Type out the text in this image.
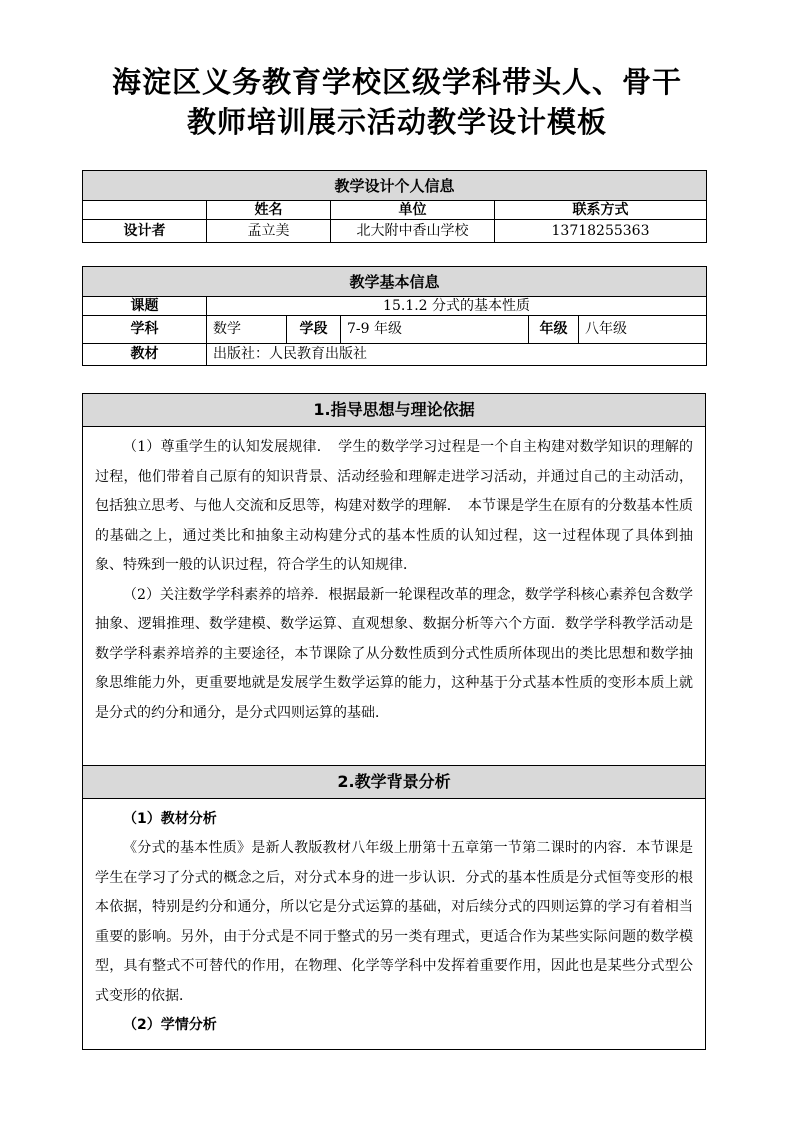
海淀区义务教育学校区级学科带头人、骨干
教师培训展示活动教学设计模板
教学设计个人信息			
	姓名	单位	联系方式
设计者	孟立美	北大附中香山学校	13718255363
教学基本信息					
课题	15.1.2 分式的基本性质				
学科	数学	学段	7-9 年级	年级	八年级
教材	出版社：人民教育出版社				
1.指导思想与理论依据

（1）尊重学生的认知发展规律．　学生的数学学习过程是一个自主构建对数学知识的理解的过程，他们带着自己原有的知识背景、活动经验和理解走进学习活动，并通过自己的主动活动，包括独立思考、与他人交流和反思等，构建对数学的理解．　本节课是学生在原有的分数基本性质的基础之上，通过类比和抽象主动构建分式的基本性质的认知过程，这一过程体现了具体到抽象、特殊到一般的认识过程，符合学生的认知规律．

（2）关注数学学科素养的培养．根据最新一轮课程改革的理念，数学学科核心素养包含数学抽象、逻辑推理、数学建模、数学运算、直观想象、数据分析等六个方面．数学学科教学活动是数学学科素养培养的主要途径，本节课除了从分数性质到分式性质所体现出的类比思想和数学抽象思维能力外，更重要地就是发展学生数学运算的能力，这种基于分式基本性质的变形本质上就是分式的约分和通分，是分式四则运算的基础．

2.教学背景分析

（1）教材分析

《分式的基本性质》是新人教版教材八年级上册第十五章第一节第二课时的内容．本节课是学生在学习了分式的概念之后，对分式本身的进一步认识．分式的基本性质是分式恒等变形的根本依据，特别是约分和通分，所以它是分式运算的基础，对后续分式的四则运算的学习有着相当重要的影响。另外，由于分式是不同于整式的另一类有理式，更适合作为某些实际问题的数学模型，具有整式不可替代的作用，在物理、化学等学科中发挥着重要作用，因此也是某些分式型公式变形的依据．

（2）学情分析
